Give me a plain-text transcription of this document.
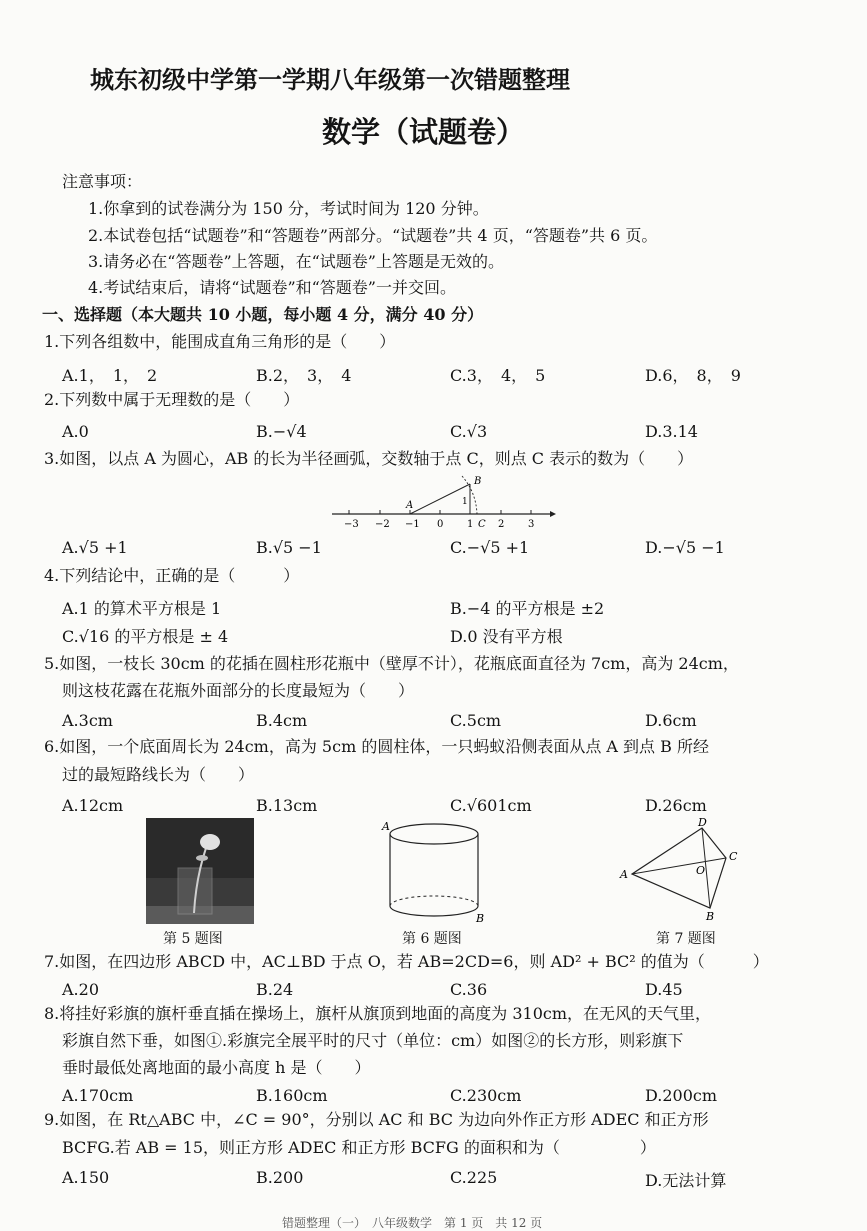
城东初级中学第一学期八年级第一次错题整理
数学（试题卷）
注意事项：
1.你拿到的试卷满分为 150 分，考试时间为 120 分钟。
2.本试卷包括“试题卷”和“答题卷”两部分。“试题卷”共 4 页，“答题卷”共 6 页。
3.请务必在“答题卷”上答题，在“试题卷”上答题是无效的。
4.考试结束后，请将“试题卷”和“答题卷”一并交回。
一、选择题（本大题共 10 小题，每小题 4 分，满分 40 分）
1.下列各组数中，能围成直角三角形的是（　　）
A.1，　1，　2	B.2，　3，　4	C.3，　4，　5	D.6，　8，　9
2.下列数中属于无理数的是（　　）
A.0	B.−√4	C.√3	D.3.14
3.如图，以点 A 为圆心，AB 的长为半径画弧，交数轴于点 C，则点 C 表示的数为（　　）
−3 −2 −1 0 1 2 3
A
B
C
1
A.√5 +1	B.√5 −1	C.−√5 +1	D.−√5 −1
4.下列结论中，正确的是（　　　）
A.1 的算术平方根是 1	B.−4 的平方根是 ±2
C.√16 的平方根是 ± 4	D.0 没有平方根
5.如图，一枝长 30cm 的花插在圆柱形花瓶中（壁厚不计），花瓶底面直径为 7cm，高为 24cm，
则这枝花露在花瓶外面部分的长度最短为（　　）
A.3cm	B.4cm	C.5cm	D.6cm
6.如图，一个底面周长为 24cm，高为 5cm 的圆柱体，一只蚂蚁沿侧表面从点 A 到点 B 所经
过的最短路线长为（　　）
A.12cm	B.13cm	C.√601cm	D.26cm
第 5 题图
A
B
第 6 题图
A
D
C
B
O
第 7 题图
7.如图，在四边形 ABCD 中，AC⊥BD 于点 O，若 AB=2CD=6，则 AD² + BC² 的值为（　　　）
A.20	B.24	C.36	D.45
8.将挂好彩旗的旗杆垂直插在操场上，旗杆从旗顶到地面的高度为 310cm，在无风的天气里，
彩旗自然下垂，如图①.彩旗完全展平时的尺寸（单位：cm）如图②的长方形，则彩旗下
垂时最低处离地面的最小高度 h 是（　　）
A.170cm	B.160cm	C.230cm	D.200cm
9.如图，在 Rt△ABC 中，∠C = 90°，分别以 AC 和 BC 为边向外作正方形 ADEC 和正方形
BCFG.若 AB = 15，则正方形 ADEC 和正方形 BCFG 的面积和为（　　　　　）
A.150	B.200	C.225	D.无法计算
错题整理（一）　八年级数学　第 1 页　共 12 页
